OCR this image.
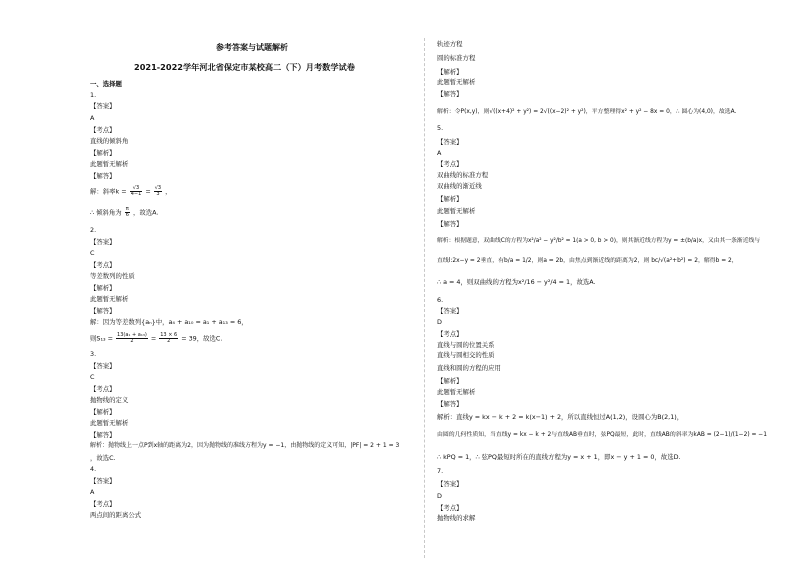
参考答案与试题解析
2021-2022学年河北省保定市某校高二（下）月考数学试卷
一、选择题
1.
【答案】
A
【考点】
直线的倾斜角
【解析】
此题暂无解析
【解答】
解：斜率$k = \frac{√3}{4-1} = \frac{√3}{3}$ ，
∴ 倾斜角为 $\frac{\pi}{6}$ ，故选A.
2.
【答案】
C
【考点】
等差数列的性质
【解析】
此题暂无解析
【解答】
解：因为等差数列{aₙ}中，a₄ + a₁₀ = a₁ + a₁₃ = 6，
则$S_{13} = \frac{\text{13(a₁ + a₁₃)}}{2} = \frac{13 \times 6}{2} = 39$，故选C.
3.
【答案】
C
【考点】
抛物线的定义
【解析】
此题暂无解析
【解答】
解析：抛物线上一点P到x轴的距离为2，因为抛物线的准线方程为y = −1，由抛物线的定义可知，|PF| = 2 + 1 = 3
，故选C.
4.
【答案】
A
【考点】
两点间的距离公式
轨迹方程
圆的标准方程
【解析】
此题暂无解析
【解答】
解析：令P(x,y)，则√((x+4)² + y²) = 2√((x−2)² + y²)，平方整理得x² + y² − 8x = 0，∴ 圆心为(4,0)，故选A.
5.
【答案】
A
【考点】
双曲线的标准方程
双曲线的渐近线
【解析】
此题暂无解析
【解答】
解析：根据题意，双曲线C的方程为x²/a² − y²/b² = 1(a > 0, b > 0)，则其渐近线方程为y = ±(b/a)x，又由其一条渐近线与
直线l:2x−y = 2垂直，有b/a = 1/2，则a = 2b，由焦点到渐近线的距离为2，则 bc/√(a²+b²) = 2，解得b = 2，
∴ a = 4，则双曲线的方程为x²/16 − y²/4 = 1，故选A.
6.
【答案】
D
【考点】
直线与圆的位置关系
直线与圆相交的性质
直线和圆的方程的应用
【解析】
此题暂无解析
【解答】
解析：直线y = kx − k + 2 = k(x−1) + 2，所以直线恒过A(1,2)，设圆心为B(2,1)，
由圆的几何性质知，当直线y = kx − k + 2与直线AB垂直时，弦PQ最短，此时，直线AB的斜率为kAB = (2−1)/(1−2) = −1
∴ kPQ = 1，∴ 弦PQ最短时所在的直线方程为y = x + 1，即x − y + 1 = 0，故选D.
7.
【答案】
D
【考点】
抛物线的求解
